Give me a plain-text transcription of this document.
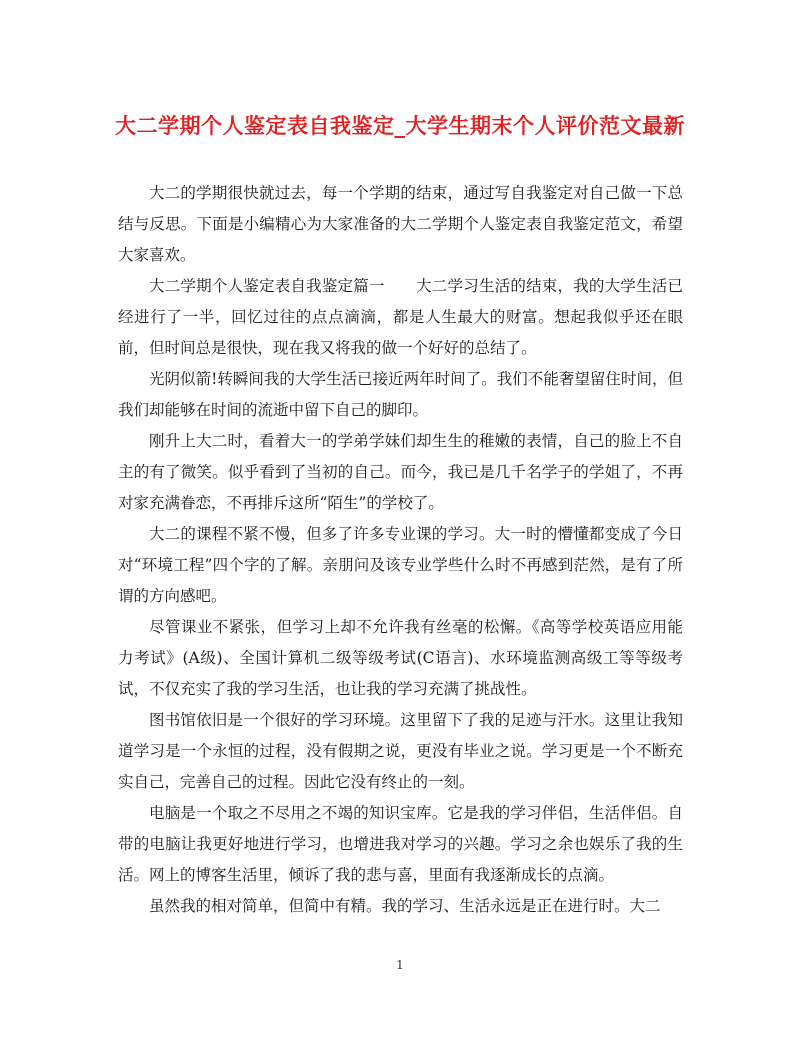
大二学期个人鉴定表自我鉴定_大学生期末个人评价范文最新

大二的学期很快就过去，每一个学期的结束，通过写自我鉴定对自己做一下总结与反思。下面是小编精心为大家准备的大二学期个人鉴定表自我鉴定范文，希望大家喜欢。

大二学期个人鉴定表自我鉴定篇一　　大二学习生活的结束，我的大学生活已经进行了一半，回忆过往的点点滴滴，都是人生最大的财富。想起我似乎还在眼前，但时间总是很快，现在我又将我的做一个好好的总结了。

光阴似箭!转瞬间我的大学生活已接近两年时间了。我们不能奢望留住时间，但我们却能够在时间的流逝中留下自己的脚印。

刚升上大二时，看着大一的学弟学妹们却生生的稚嫩的表情，自己的脸上不自主的有了微笑。似乎看到了当初的自己。而今，我已是几千名学子的学姐了，不再对家充满眷恋，不再排斥这所“陌生”的学校了。

大二的课程不紧不慢，但多了许多专业课的学习。大一时的懵懂都变成了今日对“环境工程”四个字的了解。亲朋问及该专业学些什么时不再感到茫然，是有了所谓的方向感吧。

尽管课业不紧张，但学习上却不允许我有丝毫的松懈。《高等学校英语应用能力考试》(A级)、全国计算机二级等级考试(C语言)、水环境监测高级工等等级考试，不仅充实了我的学习生活，也让我的学习充满了挑战性。

图书馆依旧是一个很好的学习环境。这里留下了我的足迹与汗水。这里让我知道学习是一个永恒的过程，没有假期之说，更没有毕业之说。学习更是一个不断充实自己，完善自己的过程。因此它没有终止的一刻。

电脑是一个取之不尽用之不竭的知识宝库。它是我的学习伴侣，生活伴侣。自带的电脑让我更好地进行学习，也增进我对学习的兴趣。学习之余也娱乐了我的生活。网上的博客生活里，倾诉了我的悲与喜，里面有我逐渐成长的点滴。

虽然我的相对简单，但简中有精。我的学习、生活永远是正在进行时。大二

1
